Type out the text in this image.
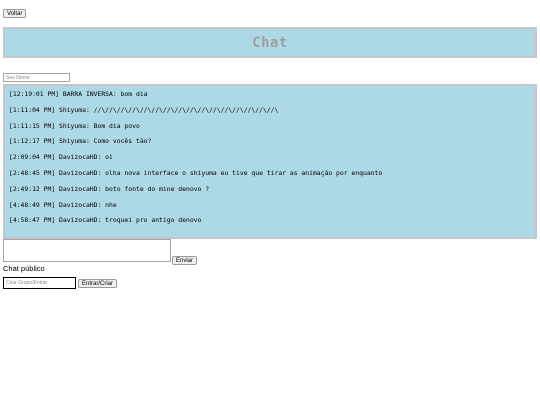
Voltar
Chat
Seu Nome
[12:19:01 PM] BARRA INVERSA: bom dia
[1:11:04 PM] Shiyuma: //\//\//\//\//\//\//\//\//\//\//\//\//\//\//\//\
[1:11:15 PM] Shiyuma: Bom dia povo
[1:12:17 PM] Shiyuma: Como vocês tão?
[2:09:04 PM] DavizocaHD: oi
[2:48:45 PM] DavizocaHD: olha nova interface o shiyuma eu tive que tirar as animação por enquanto
[2:49:12 PM] DavizocaHD: boto fonte do mine denovo ?
[4:48:49 PM] DavizocaHD: nhe
[4:58:47 PM] DavizocaHD: troquei pro antigo denovo
Enviar
Chat público
Criar Grupo/Entrar
Entrar/Criar
